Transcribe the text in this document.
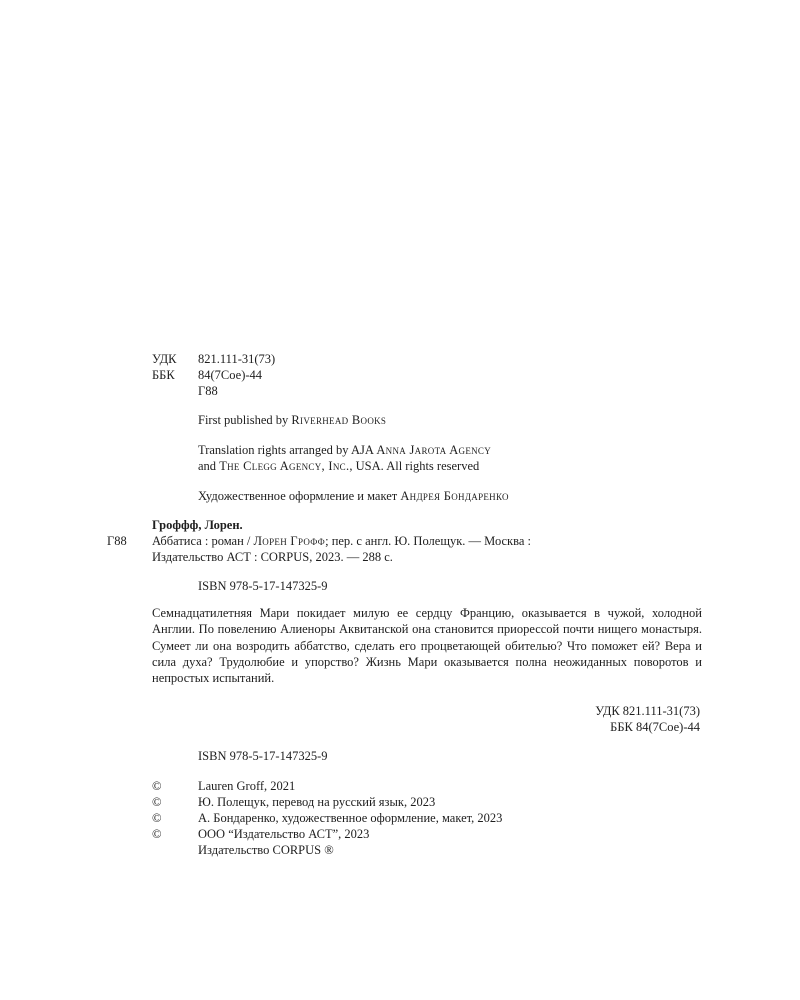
УДК 821.111-31(73)
ББК 84(7Сое)-44
Г88
First published by Riverhead Books
Translation rights arranged by AJA Anna Jarota Agency
and The Clegg Agency, Inc., USA. All rights reserved
Художественное оформление и макет Андрея Бондаренко
Гроффф, Лорен.
Г88 Аббатиса : роман / Лорен Грофф; пер. с англ. Ю. Полещук. — Москва :
Издательство АСТ : CORPUS, 2023. — 288 с.
ISBN 978-5-17-147325-9
Семнадцатилетняя Мари покидает милую ее сердцу Францию, оказывается в чужой, холодной Англии. По повелению Алиеноры Аквитанской она становится приорессой почти нищего монастыря. Сумеет ли она возродить аббатство, сделать его процветающей обителью? Что поможет ей? Вера и сила духа? Трудолюбие и упорство? Жизнь Мари оказывается полна неожиданных поворотов и непростых испытаний.
УДК 821.111-31(73)
ББК 84(7Сое)-44
ISBN 978-5-17-147325-9
©	Lauren Groff, 2021
©	Ю. Полещук, перевод на русский язык, 2023
©	А. Бондаренко, художественное оформление, макет, 2023
©	ООО “Издательство АСТ”, 2023
Издательство CORPUS ®
